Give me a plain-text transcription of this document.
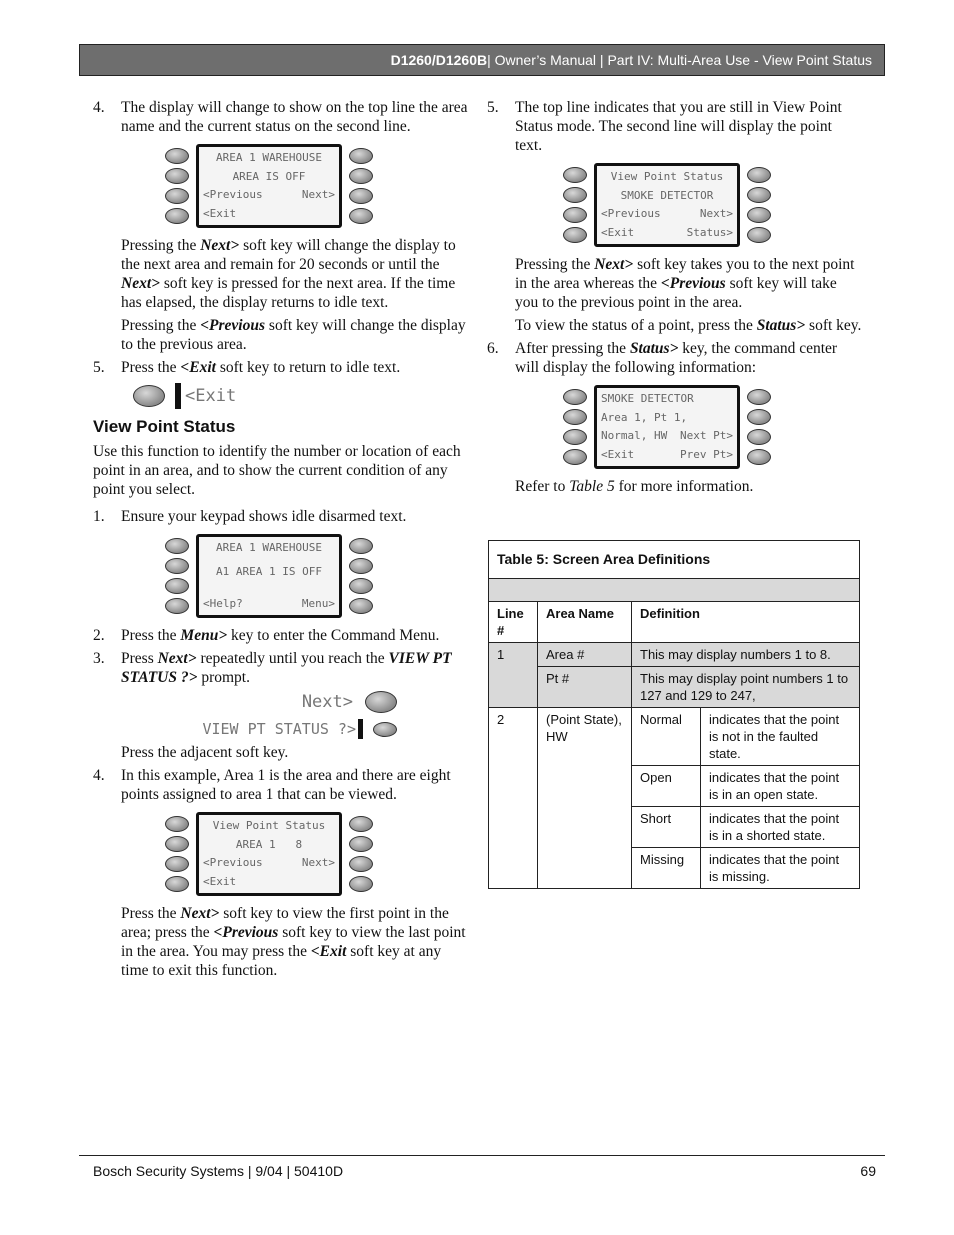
D1260/D1260B | Owner’s Manual | Part IV: Multi-Area Use - View Point Status
4. The display will change to show on the top line the area name and the current status on the second line.
AREA 1 WAREHOUSE
AREA IS OFF
<Previous	Next>
<Exit

Pressing the Next> soft key will change the display to the next area and remain for 20 seconds or until the Next> soft key is pressed for the next area. If the time has elapsed, the display returns to idle text.

Pressing the <Previous soft key will change the display to the previous area.

5. Press the <Exit soft key to return to idle text.
<Exit
View Point Status

Use this function to identify the number or location of each point in an area, and to show the current condition of any point you select.

1. Ensure your keypad shows idle disarmed text.
AREA 1 WAREHOUSE
A1 AREA 1 IS OFF
<Help?	Menu>
2. Press the Menu> key to enter the Command Menu.
3. Press Next> repeatedly until you reach the VIEW PT STATUS ?> prompt.
Next>
VIEW PT STATUS ?>

Press the adjacent soft key.

4. In this example, Area 1 is the area and there are eight points assigned to area 1 that can be viewed.
View Point Status
AREA 1   8
<Previous	Next>
<Exit

Press the Next> soft key to view the first point in the area; press the <Previous soft key to view the last point in the area. You may press the <Exit soft key at any time to exit this function.

5. The top line indicates that you are still in View Point Status mode. The second line will display the point text.
View Point Status
SMOKE DETECTOR
<Previous	Next>
<Exit	Status>

Pressing the Next> soft key takes you to the next point in the area whereas the <Previous soft key will take you to the previous point in the area.

To view the status of a point, press the Status> soft key.

6. After pressing the Status> key, the command center will display the following information:
SMOKE DETECTOR
Area 1, Pt 1,
Normal, HW Next Pt>
<Exit	Prev Pt>

Refer to Table 5 for more information.

Table 5: Screen Area Definitions			

Line #	Area Name	Definition	
1	Area #	This may display numbers 1 to 8.	
	Pt #	This may display point numbers 1 to 127 and 129 to 247,	
2	(Point State), HW	Normal	indicates that the point is not in the faulted state.
		Open	indicates that the point is in an open state.
		Short	indicates that the point is in a shorted state.
		Missing	indicates that the point is missing.
Bosch Security Systems | 9/04 | 50410D	69
